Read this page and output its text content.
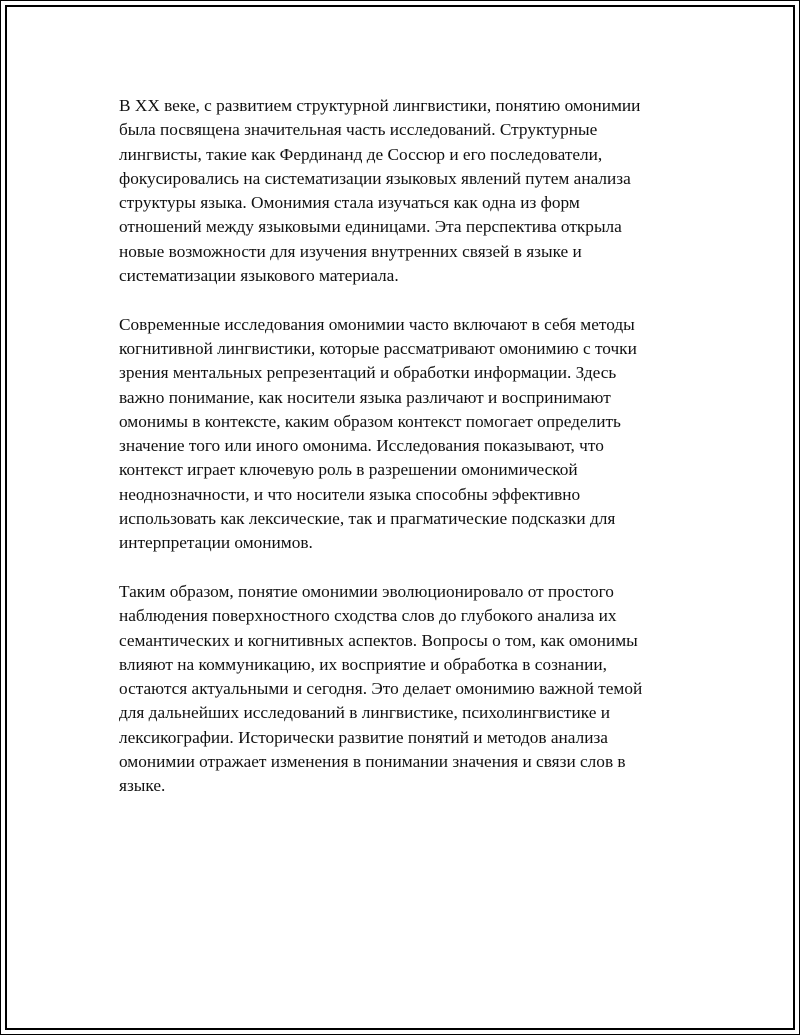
В XX веке, с развитием структурной лингвистики, понятию омонимии
была посвящена значительная часть исследований. Структурные
лингвисты, такие как Фердинанд де Соссюр и его последователи,
фокусировались на систематизации языковых явлений путем анализа
структуры языка. Омонимия стала изучаться как одна из форм
отношений между языковыми единицами. Эта перспектива открыла
новые возможности для изучения внутренних связей в языке и
систематизации языкового материала.

Современные исследования омонимии часто включают в себя методы
когнитивной лингвистики, которые рассматривают омонимию с точки
зрения ментальных репрезентаций и обработки информации. Здесь
важно понимание, как носители языка различают и воспринимают
омонимы в контексте, каким образом контекст помогает определить
значение того или иного омонима. Исследования показывают, что
контекст играет ключевую роль в разрешении омонимической
неоднозначности, и что носители языка способны эффективно
использовать как лексические, так и прагматические подсказки для
интерпретации омонимов.

Таким образом, понятие омонимии эволюционировало от простого
наблюдения поверхностного сходства слов до глубокого анализа их
семантических и когнитивных аспектов. Вопросы о том, как омонимы
влияют на коммуникацию, их восприятие и обработка в сознании,
остаются актуальными и сегодня. Это делает омонимию важной темой
для дальнейших исследований в лингвистике, психолингвистике и
лексикографии. Исторически развитие понятий и методов анализа
омонимии отражает изменения в понимании значения и связи слов в
языке.
